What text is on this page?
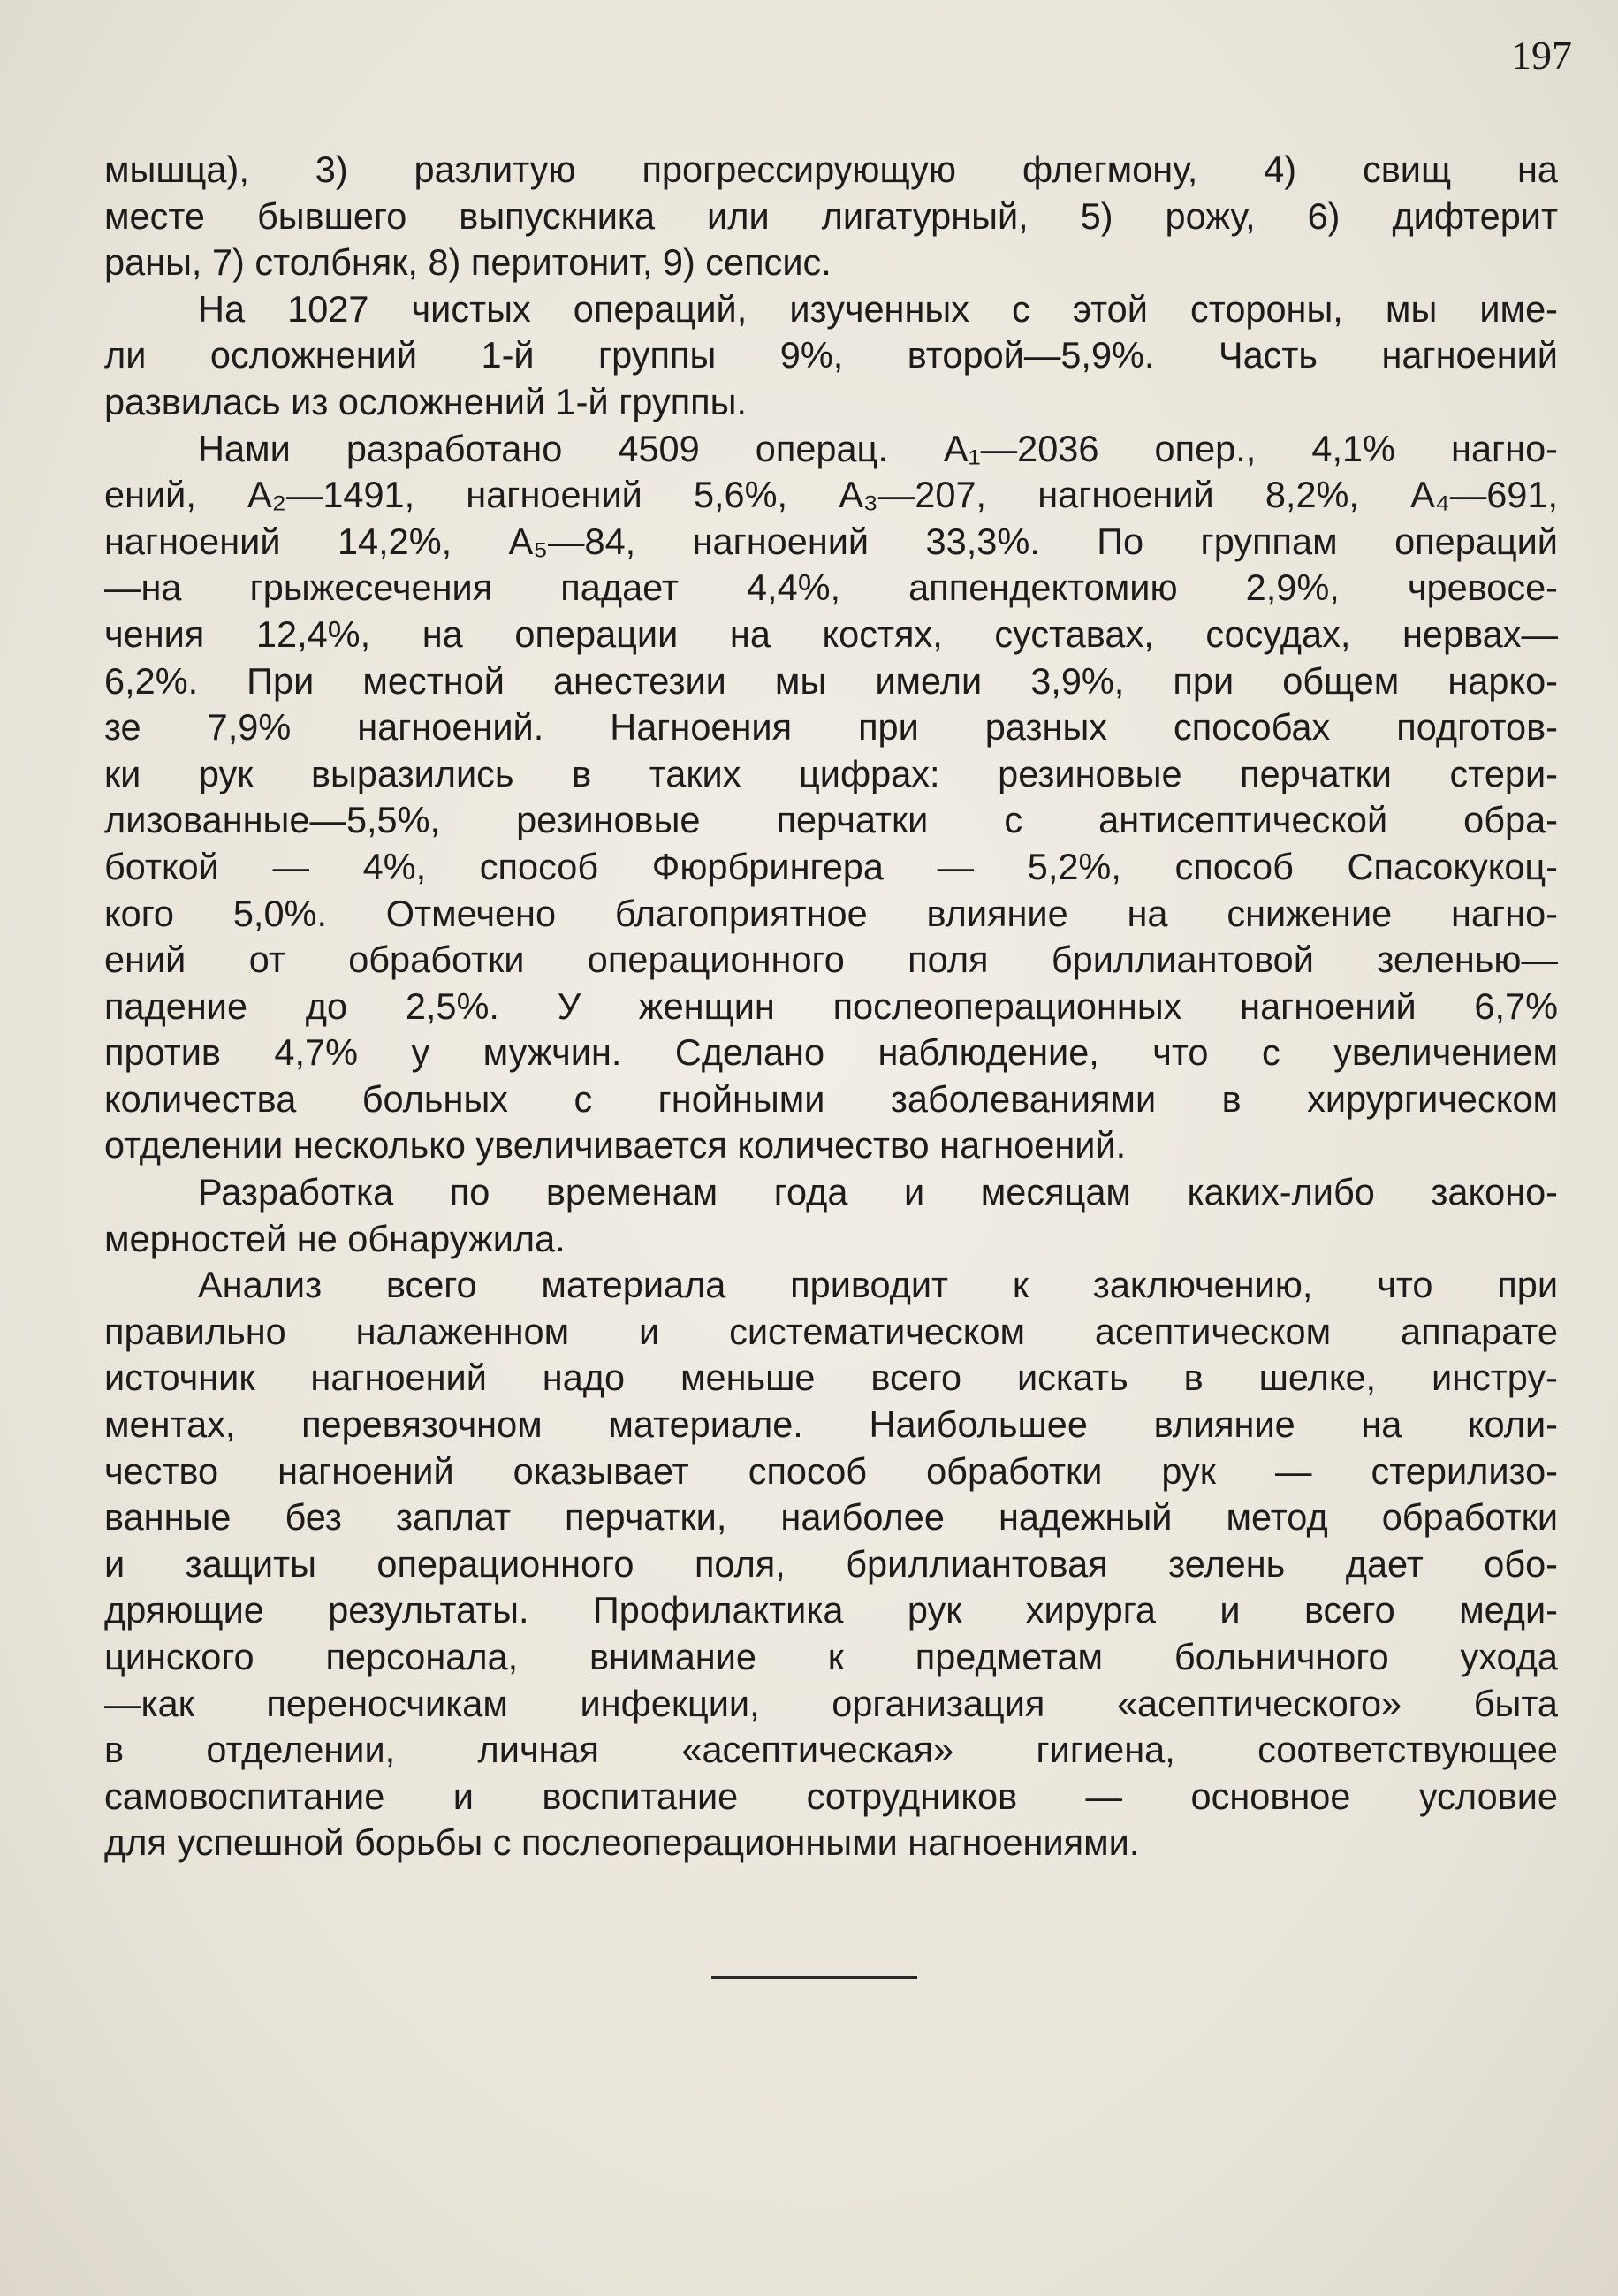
197
мышца), 3) разлитую прогрессирующую флегмону, 4) свищ на
месте бывшего выпускника или лигатурный, 5) рожу, 6) дифтерит
раны, 7) столбняк, 8) перитонит, 9) сепсис.
На 1027 чистых операций, изученных с этой стороны, мы име-
ли осложнений 1-й группы 9%, второй—5,9%. Часть нагноений
развилась из осложнений 1-й группы.
Нами разработано 4509 операц. A₁—2036 опер., 4,1% нагно-
ений, A₂—1491, нагноений 5,6%, A₃—207, нагноений 8,2%, A₄—691,
нагноений 14,2%, A₅—84, нагноений 33,3%. По группам операций
—на грыжесечения падает 4,4%, аппендектомию 2,9%, чревосе-
чения 12,4%, на операции на костях, суставах, сосудах, нервах—
6,2%. При местной анестезии мы имели 3,9%, при общем нарко-
зе 7,9% нагноений. Нагноения при разных способах подготов-
ки рук выразились в таких цифрах: резиновые перчатки стери-
лизованные—5,5%, резиновые перчатки с антисептической обра-
боткой — 4%, способ Фюрбрингера — 5,2%, способ Спасокукоц-
кого 5,0%. Отмечено благоприятное влияние на снижение нагно-
ений от обработки операционного поля бриллиантовой зеленью—
падение до 2,5%. У женщин послеоперационных нагноений 6,7%
против 4,7% у мужчин. Сделано наблюдение, что с увеличением
количества больных с гнойными заболеваниями в хирургическом
отделении несколько увеличивается количество нагноений.
Разработка по временам года и месяцам каких-либо законо-
мерностей не обнаружила.
Анализ всего материала приводит к заключению, что при
правильно налаженном и систематическом асептическом аппарате
источник нагноений надо меньше всего искать в шелке, инстру-
ментах, перевязочном материале. Наибольшее влияние на коли-
чество нагноений оказывает способ обработки рук — стерилизо-
ванные без заплат перчатки, наиболее надежный метод обработки
и защиты операционного поля, бриллиантовая зелень дает обо-
дряющие результаты. Профилактика рук хирурга и всего меди-
цинского персонала, внимание к предметам больничного ухода
—как переносчикам инфекции, организация «асептического» быта
в отделении, личная «асептическая» гигиена, соответствующее
самовоспитание и воспитание сотрудников — основное условие
для успешной борьбы с послеоперационными нагноениями.
